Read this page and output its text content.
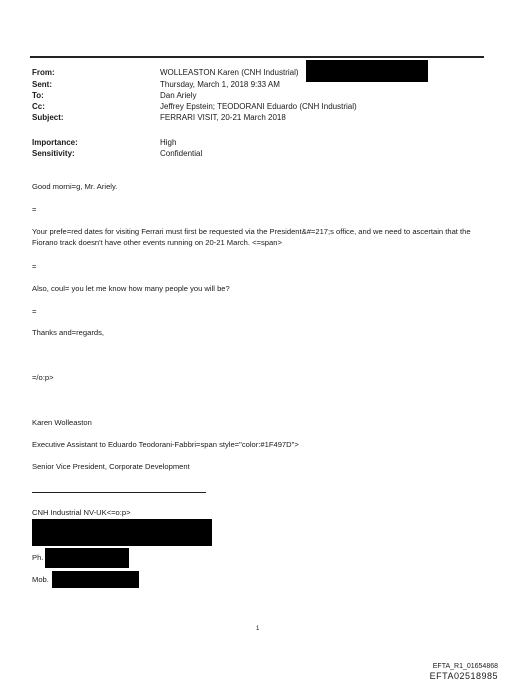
From:	WOLLEASTON Karen (CNH Industrial)
Sent:	Thursday, March 1, 2018 9:33 AM
To:	Dan Ariely
Cc:	Jeffrey Epstein; TEODORANI Eduardo (CNH Industrial)
Subject:	FERRARI VISIT, 20-21 March 2018
Importance:	High
Sensitivity:	Confidential
Good morni=g, Mr. Ariely.
=
Your prefe=red dates for visiting Ferrari must first be requested via the President&#=217;s office, and we need to ascertain that the Fiorano track doesn't have other events running on 20-21 March. <=span>
=
Also, coul= you let me know how many people you will be?
=
Thanks and=regards,
=/o:p>
Karen Wolleaston
Executive Assistant to Eduardo Teodorani-Fabbri=span style="color:#1F497D">
Senior Vice President, Corporate Development
CNH Industrial NV-UK<=o:p>
Ph.
Mob.
1
EFTA_R1_01654868
EFTA02518985
